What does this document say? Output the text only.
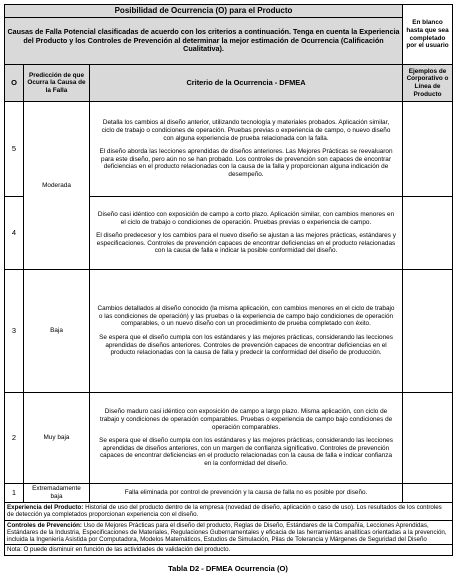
Posibilidad de Ocurrencia (O) para el Producto			En blanco hasta que sea completado por el usuario
Causas de Falla Potencial clasificadas de acuerdo con los criterios a continuación. Tenga en cuenta la Experiencia del Producto y los Controles de Prevención al determinar la mejor estimación de Ocurrencia (Calificación Cualitativa).			
O	Predicción de que Ocurra la Causa de la Falla	Criterio de la Ocurrencia - DFMEA	Ejemplos de Corporativo o Línea de Producto
5	Moderada	Detalla los cambios al diseño anterior, utilizando tecnología y materiales probados. Aplicación similar, ciclo de trabajo o condiciones de operación. Pruebas previas o experiencia de campo, o nuevo diseño con alguna experiencia de prueba relacionada con la falla.

El diseño aborda las lecciones aprendidas de diseños anteriores. Las Mejores Prácticas se reevaluaron para este diseño, pero aún no se han probado. Los controles de prevención son capaces de encontrar deficiencias en el producto relacionadas con la causa de la falla y proporcionan alguna indicación de desempeño.	

4		Diseño casi idéntico con exposición de campo a corto plazo. Aplicación similar, con cambios menores en el ciclo de trabajo o condiciones de operación. Pruebas previas o experiencia de campo.

El diseño predecesor y los cambios para el nuevo diseño se ajustan a las mejores prácticas, estándares y especificaciones. Controles de prevención capaces de encontrar deficiencias en el producto relacionadas con la causa de falla e indicar la posible conformidad del diseño.	

3	Baja	Cambios detallados al diseño conocido (la misma aplicación, con cambios menores en el ciclo de trabajo o las condiciones de operación) y las pruebas o la experiencia de campo bajo condiciones de operación comparables, o un nuevo diseño con un procedimiento de prueba completado con éxito.

Se espera que el diseño cumpla con los estándares y las mejores prácticas, considerando las lecciones aprendidas de diseños anteriores. Controles de prevención capaces de encontrar deficiencias en el producto relacionadas con la causa de falla y predecir la conformidad del diseño de producción.	

2	Muy baja	Diseño maduro casi idéntico con exposición de campo a largo plazo. Misma aplicación, con ciclo de trabajo y condiciones de operación comparables. Pruebas o experiencia de campo bajo condiciones de operación comparables.

Se espera que el diseño cumpla con los estándares y las mejores prácticas, considerando las lecciones aprendidas de diseños anteriores, con un margen de confianza significativo. Controles de prevención capaces de encontrar deficiencias en el producto relacionadas con la causa de falla e indicar confianza en la conformidad del diseño.	

1	Extremadamente baja	Falla eliminada por control de prevención y la causa de falla no es posible por diseño.	

Experiencia del Producto: Historial de uso del producto dentro de la empresa (novedad de diseño, aplicación o caso de uso). Los resultados de los controles de detección ya completados proporcionan experiencia con el diseño.			
Controles de Prevención: Uso de Mejores Prácticas para el diseño del producto, Reglas de Diseño, Estándares de la Compañía, Lecciones Aprendidas, Estándares de la Industria, Especificaciones de Materiales, Regulaciones Gubernamentales y eficacia de las herramientas analíticas orientadas a la prevención, incluida la Ingeniería Asistida por Computadora, Modelos Matemáticos, Estudios de Simulación, Pilas de Tolerancia y Márgenes de Seguridad del Diseño			
Nota: O puede disminuir en función de las actividades de validación del producto.			
Tabla D2 - DFMEA Ocurrencia (O)
